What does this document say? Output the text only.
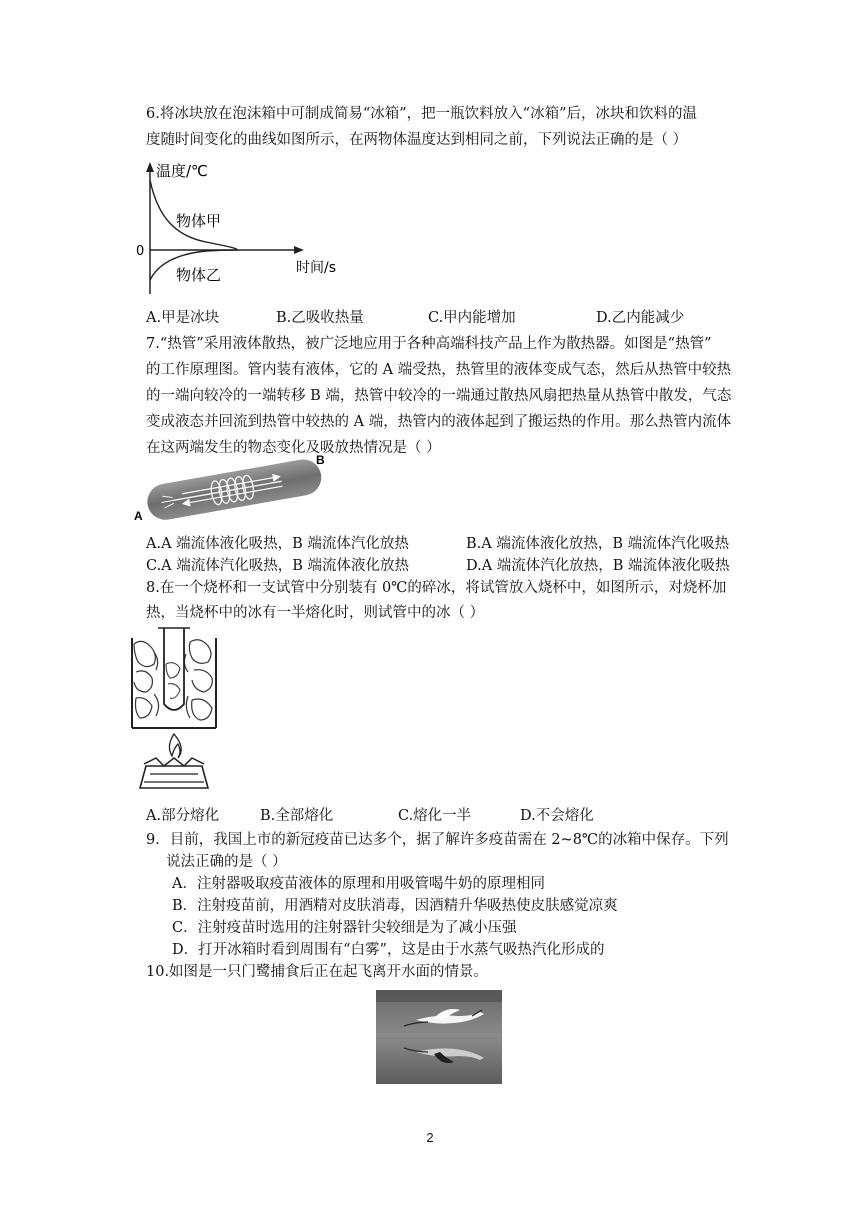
6.将冰块放在泡沫箱中可制成简易“冰箱”，把一瓶饮料放入“冰箱”后，冰块和饮料的温
度随时间变化的曲线如图所示，在两物体温度达到相同之前，下列说法正确的是（ ）
温度/℃
时间/s
0
物体甲
物体乙
A.甲是冰块	B.乙吸收热量	C.甲内能增加	D.乙内能减少
7.“热管”采用液体散热，被广泛地应用于各种高端科技产品上作为散热器。如图是“热管”
的工作原理图。管内装有液体，它的 A 端受热，热管里的液体变成气态，然后从热管中较热
的一端向较冷的一端转移 B 端，热管中较冷的一端通过散热风扇把热量从热管中散发，气态
变成液态并回流到热管中较热的 A 端，热管内的液体起到了搬运热的作用。那么热管内流体
在这两端发生的物态变化及吸放热情况是（ ）
A
B
A.A 端流体液化吸热，B 端流体汽化放热	B.A 端流体液化放热，B 端流体汽化吸热
C.A 端流体汽化吸热，B 端流体液化放热	D.A 端流体汽化放热，B 端流体液化吸热
8.在一个烧杯和一支试管中分别装有 0℃的碎冰，将试管放入烧杯中，如图所示，对烧杯加
热，当烧杯中的冰有一半熔化时，则试管中的冰（ ）
A.部分熔化	B.全部熔化	C.熔化一半	D.不会熔化
9．目前，我国上市的新冠疫苗已达多个，据了解许多疫苗需在 2~8℃的冰箱中保存。下列
说法正确的是（ ）
A．注射器吸取疫苗液体的原理和用吸管喝牛奶的原理相同
B．注射疫苗前，用酒精对皮肤消毒，因酒精升华吸热使皮肤感觉凉爽
C．注射疫苗时选用的注射器针尖较细是为了减小压强
D．打开冰箱时看到周围有“白雾”，这是由于水蒸气吸热汽化形成的
10.如图是一只门鹭捕食后正在起飞离开水面的情景。
2
